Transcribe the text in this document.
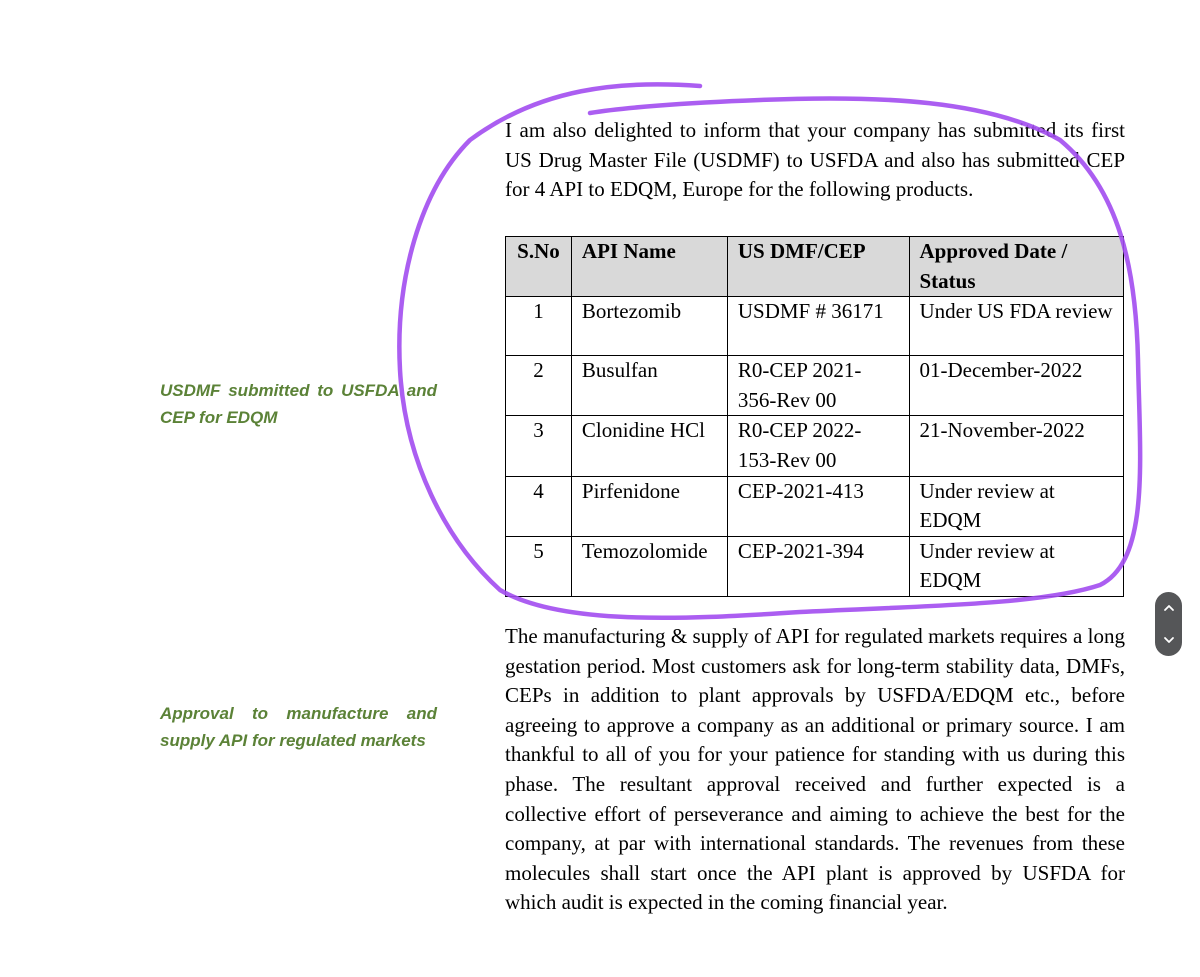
I am also delighted to inform that your company has submitted its first US Drug Master File (USDMF) to USFDA and also has submitted CEP for 4 API to EDQM, Europe for the following products.

S.No	API Name	US DMF/CEP	Approved Date / Status
1	Bortezomib	USDMF # 36171	Under US FDA review
2	Busulfan	R0-CEP 2021-356-Rev 00	01-December-2022
3	Clonidine HCl	R0-CEP 2022-153-Rev 00	21-November-2022
4	Pirfenidone	CEP-2021-413	Under review at EDQM
5	Temozolomide	CEP-2021-394	Under review at EDQM

The manufacturing & supply of API for regulated markets requires a long gestation period. Most customers ask for long-term stability data, DMFs, CEPs in addition to plant approvals by USFDA/EDQM etc., before agreeing to approve a company as an additional or primary source. I am thankful to all of you for your patience for standing with us during this phase. The resultant approval received and further expected is a collective effort of perseverance and aiming to achieve the best for the company, at par with international standards. The revenues from these molecules shall start once the API plant is approved by USFDA for which audit is expected in the coming financial year.

USDMF submitted to USFDA and CEP for EDQM

Approval to manufacture and supply API for regulated markets
